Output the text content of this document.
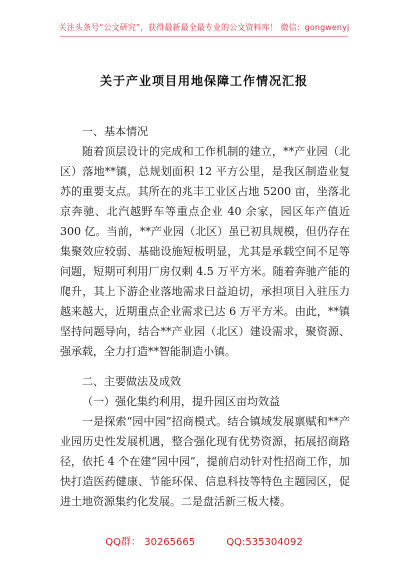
关注头条号“公文研究”，获得最新最全最专业的公文资料库！ 微信：gongwenyj
关于产业项目用地保障工作情况汇报

一、基本情况

随着顶层设计的完成和工作机制的建立，**产业园（北区）落地**镇，总规划面积 12 平方公里，是我区制造业复苏的重要支点。其所在的兆丰工业区占地 5200 亩，坐落北京奔驰、北汽越野车等重点企业 40 余家，园区年产值近 300 亿。当前，**产业园（北区）虽已初具规模，但仍存在集聚效应较弱、基础设施短板明显，尤其是承载空间不足等问题，短期可利用厂房仅剩 4.5 万平方米。随着奔驰产能的爬升，其上下游企业落地需求日益迫切，承担项目入驻压力越来越大，近期重点企业需求已达 6 万平方米。由此，**镇坚持问题导向，结合**产业园（北区）建设需求，聚资源、强承载，全力打造**智能制造小镇。

二、主要做法及成效

（一）强化集约利用，提升园区亩均效益

一是探索“园中园”招商模式。结合镇域发展禀赋和**产业园历史性发展机遇，整合强化现有优势资源，拓展招商路径，依托 4 个在建“园中园”，提前启动针对性招商工作，加快打造医药健康、节能环保、信息科技等特色主题园区，促进土地资源集约化发展。二是盘活新三板大楼。

QQ群： 30265665	QQ:535304092
